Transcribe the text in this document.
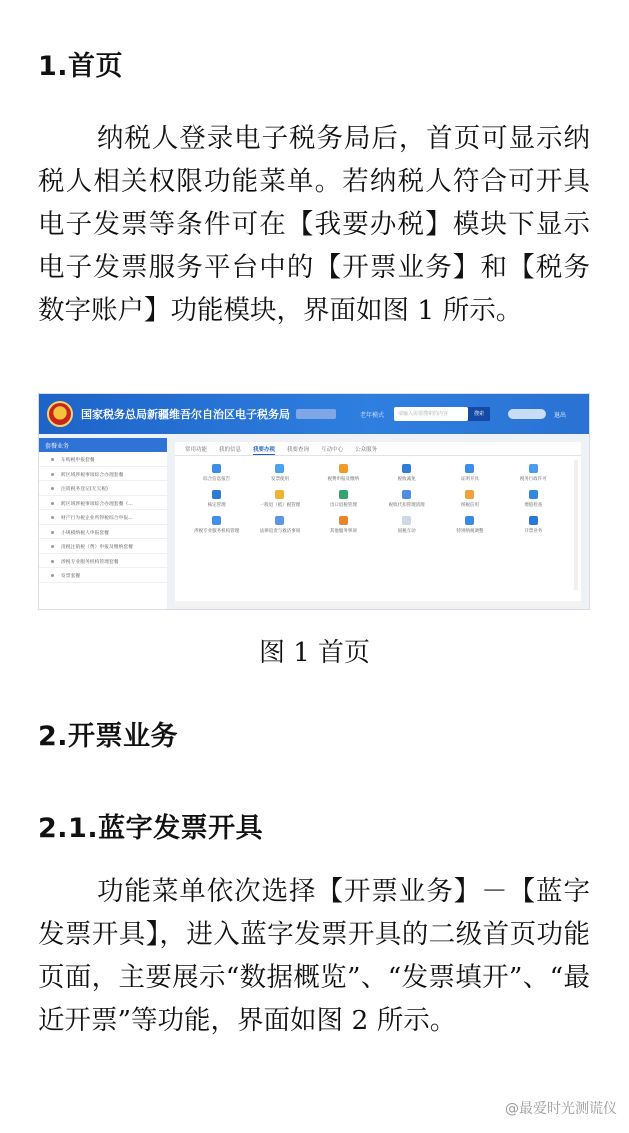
1.首页
纳税人登录电子税务局后，首页可显示纳税人相关权限功能菜单。若纳税人符合可开具电子发票等条件可在【我要办税】模块下显示电子发票服务平台中的【开票业务】和【税务数字账户】功能模块，界面如图 1 所示。
国家税务总局新疆维吾尔自治区电子税务局	老年模式	请输入需要搜索的内容	搜索	退出
套餐业务
车购税申报套餐
跨区域涉税事项综合办理套餐
注销税务登记(无欠税)
跨区域涉税事项综合办理套餐（...
财产行为税企业所得税综合申报...
小规模纳税人申报套餐
清税注销税（费）申报及缴纳套餐
涉税专业服务机构管理套餐
发票套餐
常用功能 我的信息 我要办税 我要查询 互动中心 公众服务
综合信息报告	发票使用	税费申报及缴纳	税收减免	证明开具	税务行政许可
核定管理	一般退（抵）税管理	出口退税管理	税收代扣管理清理	纳税信用	增值检查
涉税专业服务机构管理	法律追责与救济事项	其他服务事项	国税互动	特别纳税调整	开票业务
图 1 首页
2.开票业务
2.1.蓝字发票开具
功能菜单依次选择【开票业务】－【蓝字发票开具】，进入蓝字发票开具的二级首页功能页面，主要展示“数据概览”、“发票填开”、“最近开票”等功能，界面如图 2 所示。
@最爱时光测谎仪
